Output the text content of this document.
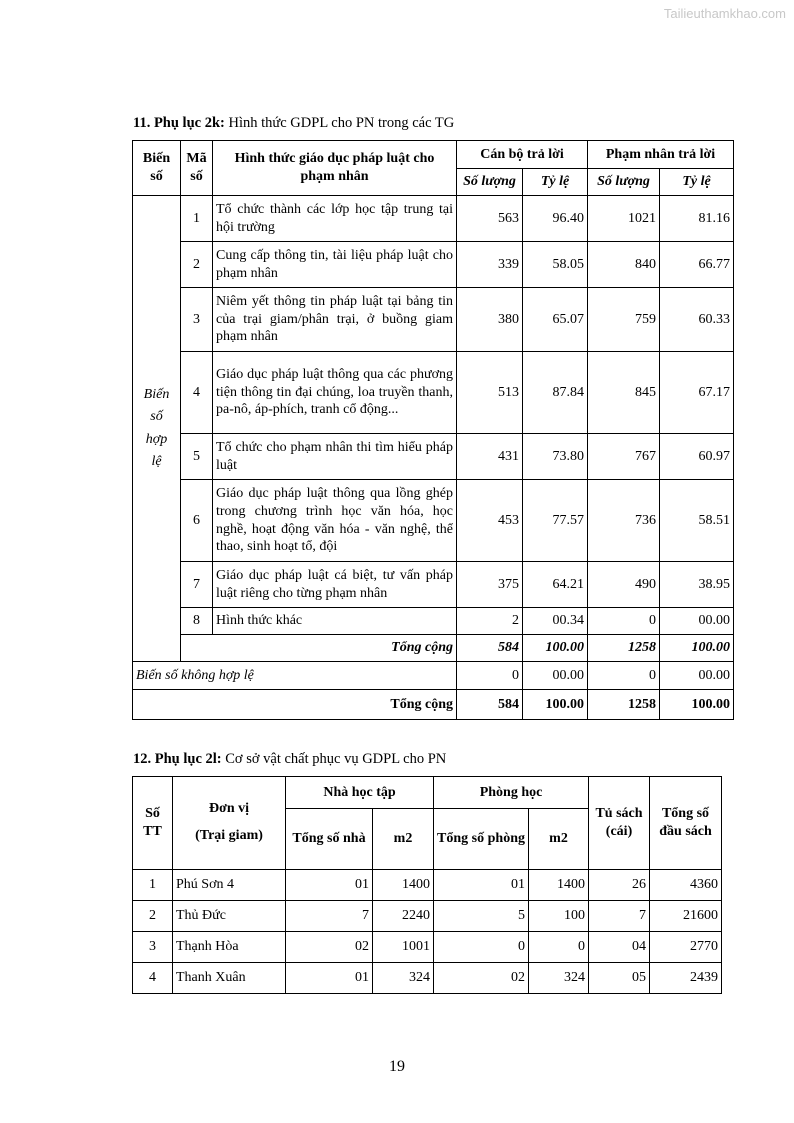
Tailieuthamkhao.com
11. Phụ lục 2k: Hình thức GDPL cho PN trong các TG
Biến số	Mã số	Hình thức giáo dục pháp luật cho phạm nhân	Cán bộ trả lời		Phạm nhân trả lời	
			Số lượng	Tỷ lệ	Số lượng	Tỷ lệ
Biến số hợp lệ	1	Tổ chức thành các lớp học tập trung tại hội trường	563	96.40	1021	81.16
	2	Cung cấp thông tin, tài liệu pháp luật cho phạm nhân	339	58.05	840	66.77
	3	Niêm yết thông tin pháp luật tại bảng tin của trại giam/phân trại, ở buồng giam phạm nhân	380	65.07	759	60.33
	4	Giáo dục pháp luật thông qua các phương tiện thông tin đại chúng, loa truyền thanh, pa-nô, áp-phích, tranh cổ động...	513	87.84	845	67.17
	5	Tổ chức cho phạm nhân thi tìm hiểu pháp luật	431	73.80	767	60.97
	6	Giáo dục pháp luật thông qua lồng ghép trong chương trình học văn hóa, học nghề, hoạt động văn hóa - văn nghệ, thể thao, sinh hoạt tổ, đội	453	77.57	736	58.51
	7	Giáo dục pháp luật cá biệt, tư vấn pháp luật riêng cho từng phạm nhân	375	64.21	490	38.95
	8	Hình thức khác	2	00.34	0	00.00
	Tổng cộng		584	100.00	1258	100.00
Biến số không hợp lệ			0	00.00	0	00.00
Tổng cộng			584	100.00	1258	100.00
12. Phụ lục 2l: Cơ sở vật chất phục vụ GDPL cho PN
Số TT	Đơn vị
(Trại giam)	Nhà học tập		Phòng học		Tủ sách (cái)	Tổng số đầu sách
		Tổng số nhà	m2	Tổng số phòng	m2		
1	Phú Sơn 4	01	1400	01	1400	26	4360
2	Thủ Đức	7	2240	5	100	7	21600
3	Thạnh Hòa	02	1001	0	0	04	2770
4	Thanh Xuân	01	324	02	324	05	2439
19
